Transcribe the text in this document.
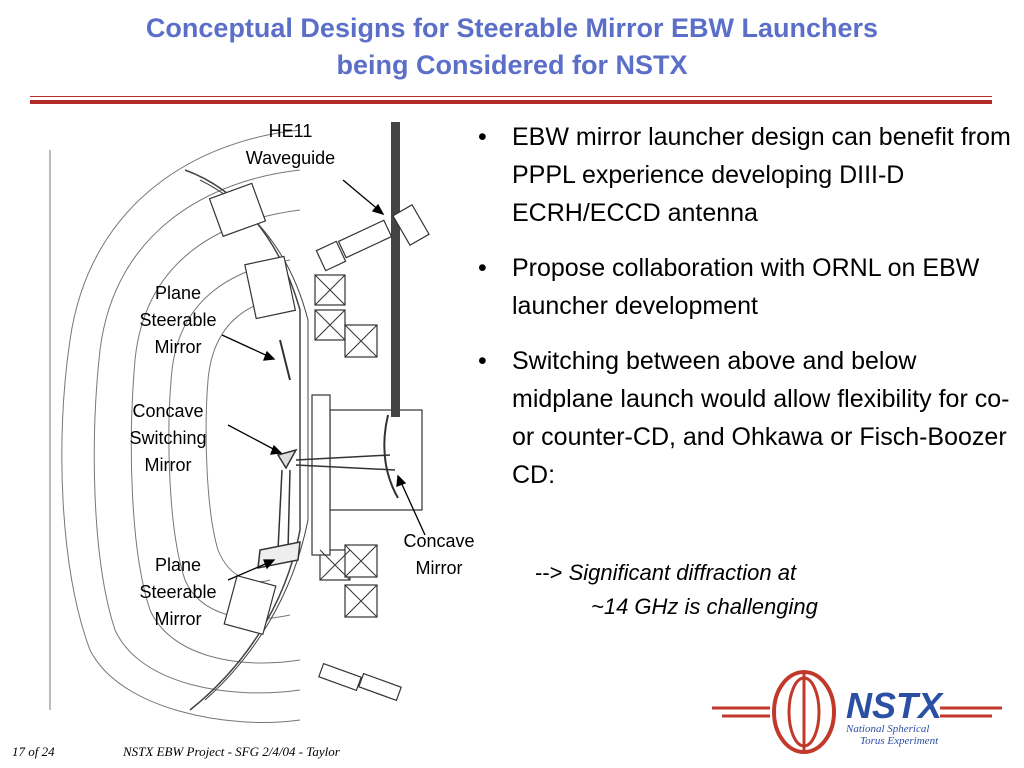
Conceptual Designs for Steerable Mirror EBW Launchers
being Considered for NSTX
HE11
Waveguide
Plane
Steerable
Mirror
Concave
Switching
Mirror
Plane
Steerable
Mirror
Concave
Mirror
• EBW mirror launcher design can benefit from PPPL experience developing DIII-D ECRH/ECCD antenna
• Propose collaboration with ORNL on EBW launcher development
• Switching between above and below midplane launch would allow flexibility for co- or counter-CD, and Ohkawa or Fisch-Boozer CD:
--> Significant diffraction at
~14 GHz is challenging
NSTX
National Spherical
Torus Experiment
17 of 24	NSTX EBW Project - SFG 2/4/04 - Taylor
